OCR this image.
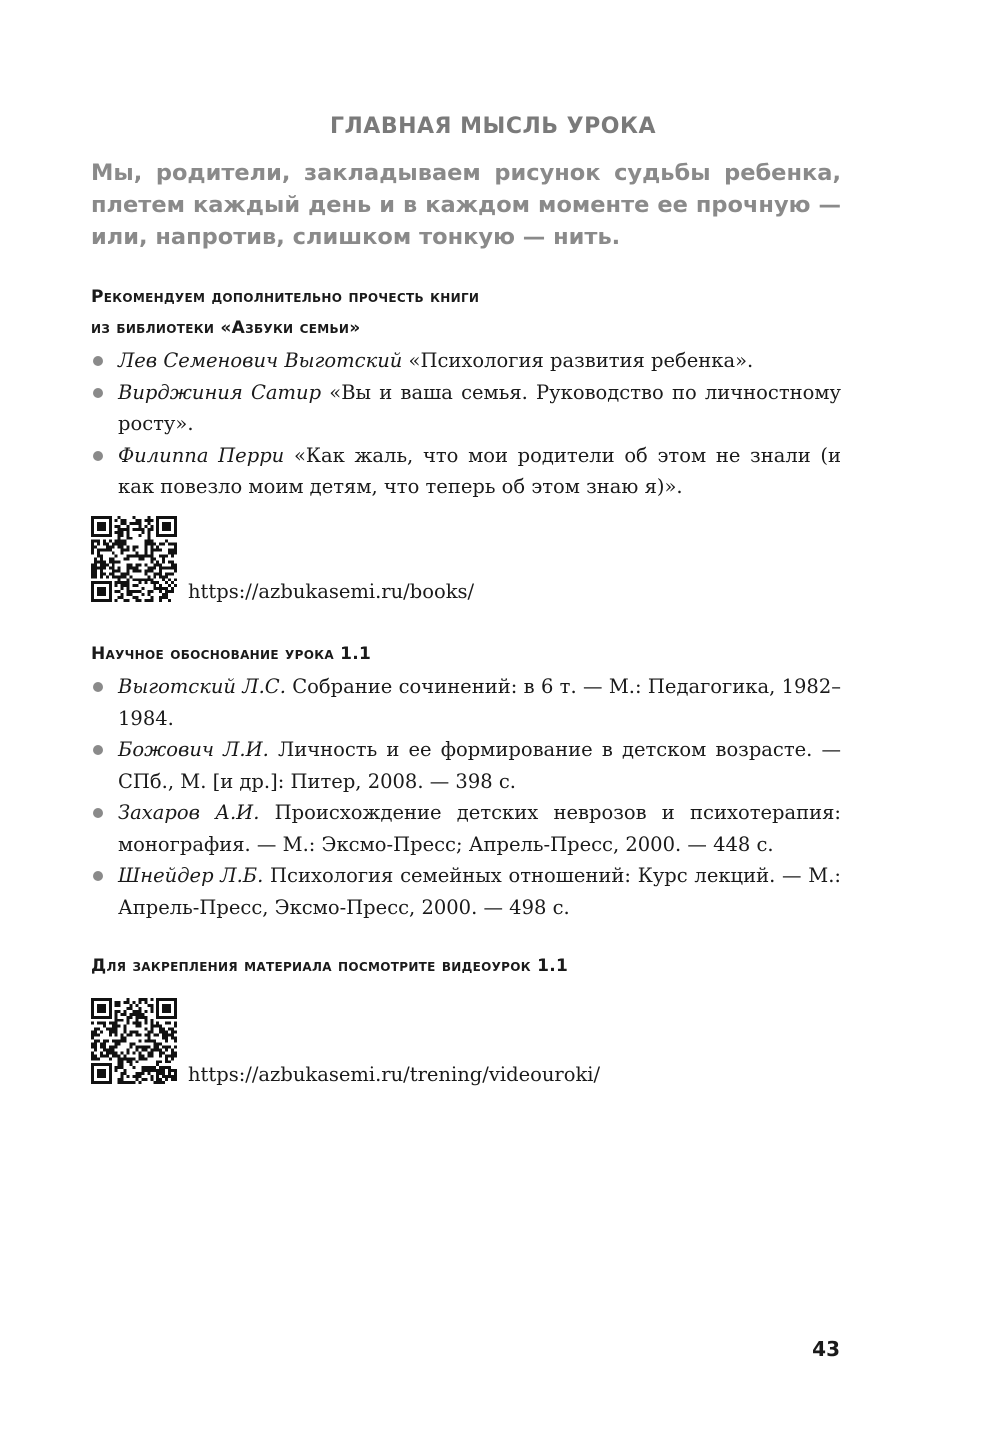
ГЛАВНАЯ МЫСЛЬ УРОКА
Мы, родители, закладываем рисунок судьбы ребенка, плетем каждый день и в каждом моменте ее прочную — или, напротив, слишком тонкую — нить.
Рекомендуем дополнительно прочесть книги
из библиотеки «Азбуки семьи»
Лев Семенович Выготский «Психология развития ребенка».
Вирджиния Сатир «Вы и ваша семья. Руководство по личностному росту».
Филиппа Перри «Как жаль, что мои родители об этом не знали (и как повезло моим детям, что теперь об этом знаю я)».
https://azbukasemi.ru/books/
Научное обоснование урока 1.1
Выготский Л.С. Собрание сочинений: в 6 т. — М.: Педагогика, 1982–1984.
Божович Л.И. Личность и ее формирование в детском возрасте. — СПб., М. [и др.]: Питер, 2008. — 398 с.
Захаров А.И. Происхождение детских неврозов и психотерапия: монография. — М.: Эксмо-Пресс; Апрель-Пресс, 2000. — 448 с.
Шнейдер Л.Б. Психология семейных отношений: Курс лекций. — М.: Апрель-Пресс, Эксмо-Пресс, 2000. — 498 с.
Для закрепления материала посмотрите видеоурок 1.1
https://azbukasemi.ru/trening/videouroki/
43
